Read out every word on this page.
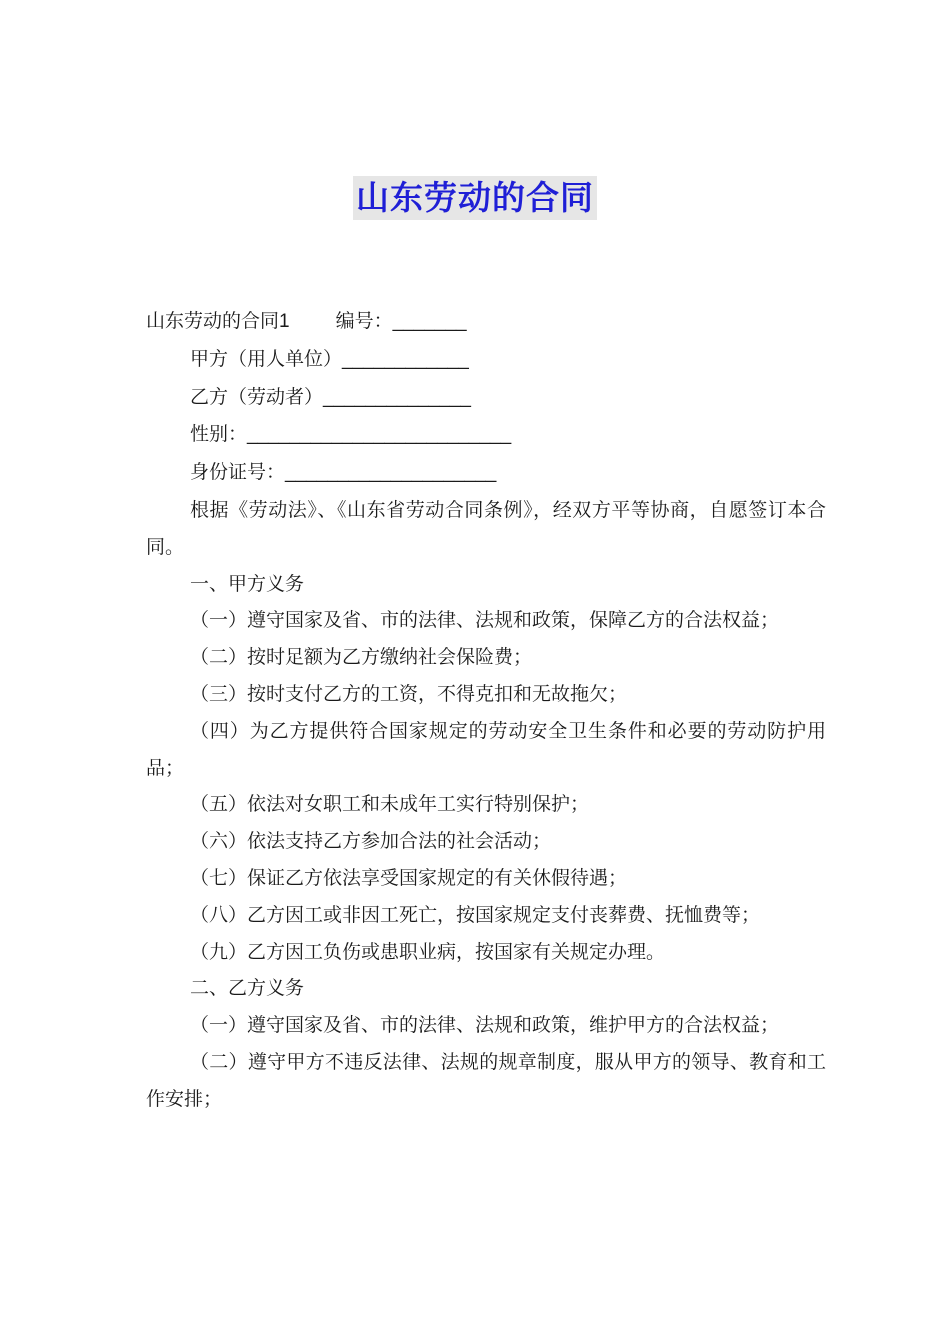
山东劳动的合同
山东劳动的合同1 编号：_______
甲方（用人单位）____________
乙方（劳动者）______________
性别：_________________________
身份证号：____________________
根据《劳动法》、《山东省劳动合同条例》，经双方平等协商，自愿签订本合同。
一、甲方义务
（一）遵守国家及省、市的法律、法规和政策，保障乙方的合法权益；
（二）按时足额为乙方缴纳社会保险费；
（三）按时支付乙方的工资，不得克扣和无故拖欠；
（四）为乙方提供符合国家规定的劳动安全卫生条件和必要的劳动防护用品；
（五）依法对女职工和未成年工实行特别保护；
（六）依法支持乙方参加合法的社会活动；
（七）保证乙方依法享受国家规定的有关休假待遇；
（八）乙方因工或非因工死亡，按国家规定支付丧葬费、抚恤费等；
（九）乙方因工负伤或患职业病，按国家有关规定办理。
二、乙方义务
（一）遵守国家及省、市的法律、法规和政策，维护甲方的合法权益；
（二）遵守甲方不违反法律、法规的规章制度，服从甲方的领导、教育和工作安排；
